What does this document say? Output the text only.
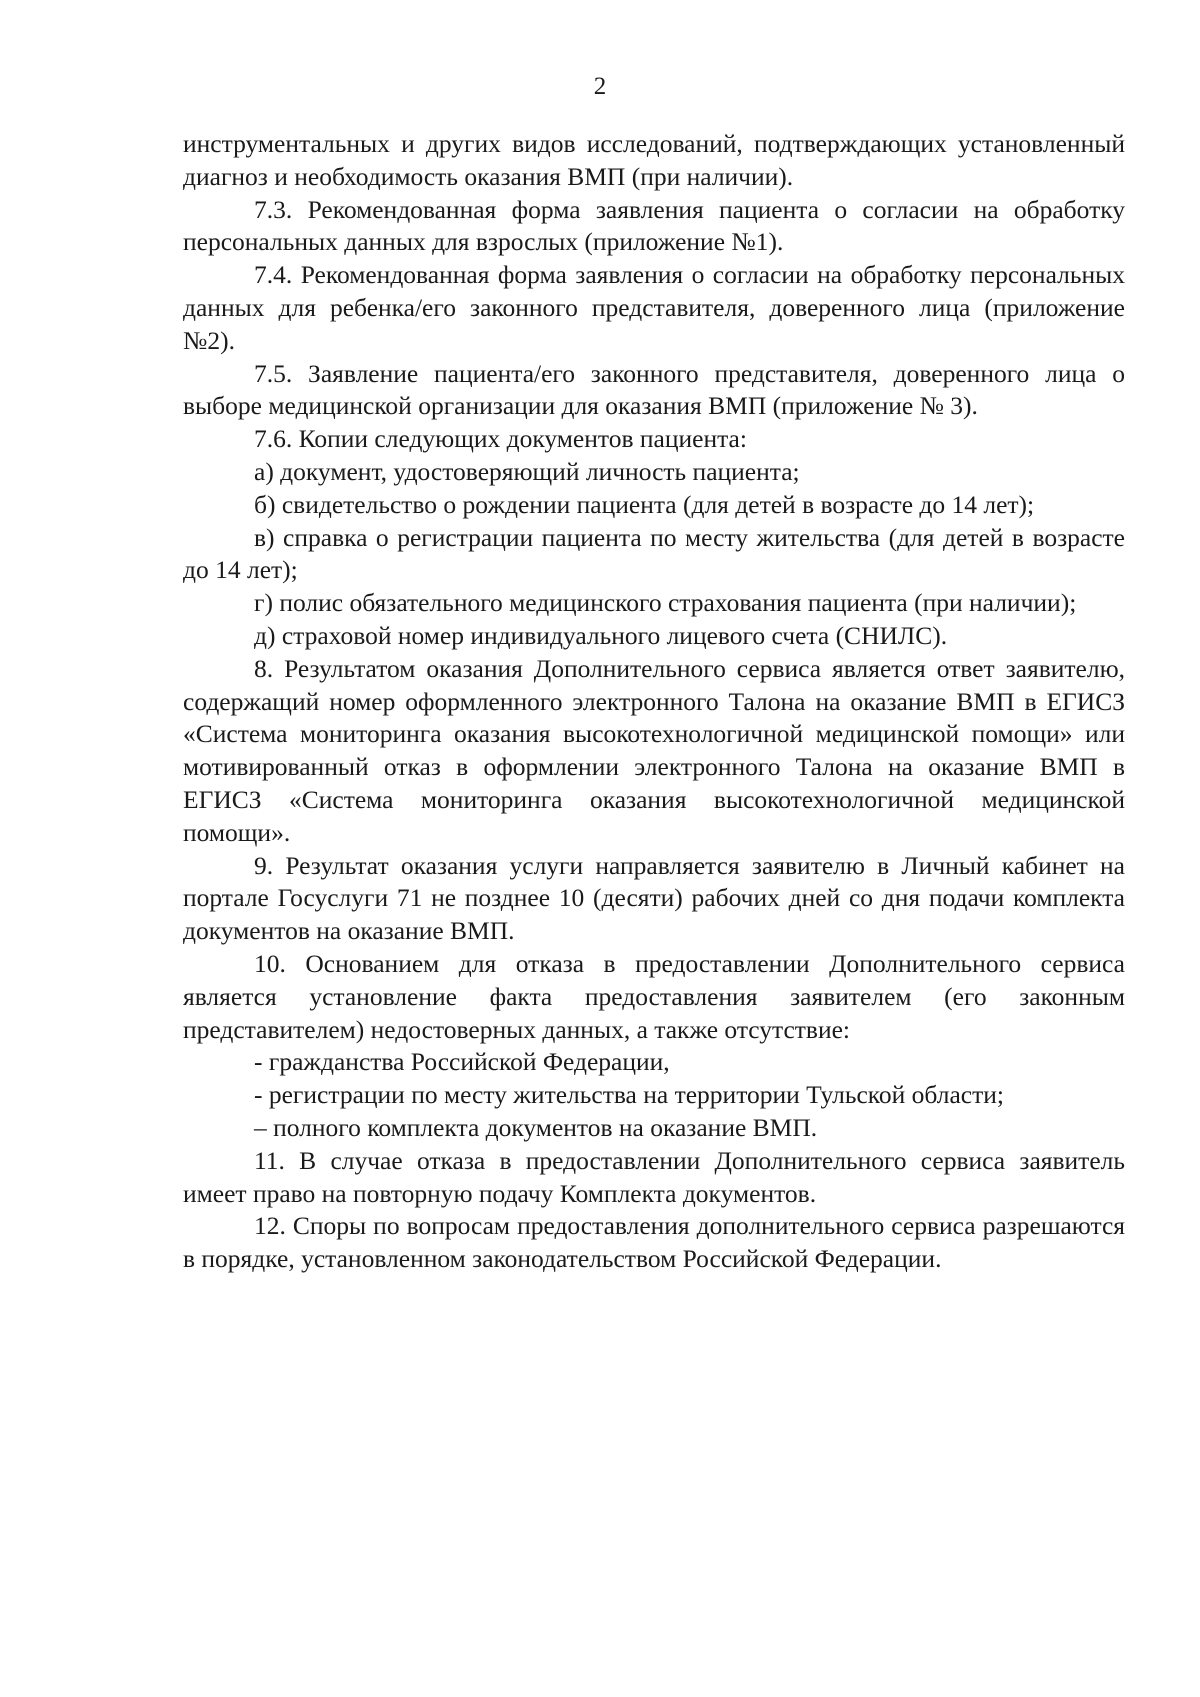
2

инструментальных и других видов исследований, подтверждающих установленный диагноз и необходимость оказания ВМП (при наличии).

7.3. Рекомендованная форма заявления пациента о согласии на обработку персональных данных для взрослых (приложение №1).

7.4. Рекомендованная форма заявления о согласии на обработку персональных данных для ребенка/его законного представителя, доверенного лица (приложение №2).

7.5. Заявление пациента/его законного представителя, доверенного лица о выборе медицинской организации для оказания ВМП (приложение № 3).

7.6. Копии следующих документов пациента:

а) документ, удостоверяющий личность пациента;

б) свидетельство о рождении пациента (для детей в возрасте до 14 лет);

в) справка о регистрации пациента по месту жительства (для детей в возрасте до 14 лет);

г) полис обязательного медицинского страхования пациента (при наличии);

д) страховой номер индивидуального лицевого счета (СНИЛС).

8. Результатом оказания Дополнительного сервиса является ответ заявителю, содержащий номер оформленного электронного Талона на оказание ВМП в ЕГИСЗ «Система мониторинга оказания высокотехнологичной медицинской помощи» или мотивированный отказ в оформлении электронного Талона на оказание ВМП в ЕГИСЗ «Система мониторинга оказания высокотехнологичной медицинской помощи».

9. Результат оказания услуги направляется заявителю в Личный кабинет на портале Госуслуги 71 не позднее 10 (десяти) рабочих дней со дня подачи комплекта документов на оказание ВМП.

10. Основанием для отказа в предоставлении Дополнительного сервиса является установление факта предоставления заявителем (его законным представителем) недостоверных данных, а также отсутствие:

- гражданства Российской Федерации,

- регистрации по месту жительства на территории Тульской области;

– полного комплекта документов на оказание ВМП.

11. В случае отказа в предоставлении Дополнительного сервиса заявитель имеет право на повторную подачу Комплекта документов.

12. Споры по вопросам предоставления дополнительного сервиса разрешаются в порядке, установленном законодательством Российской Федерации.
